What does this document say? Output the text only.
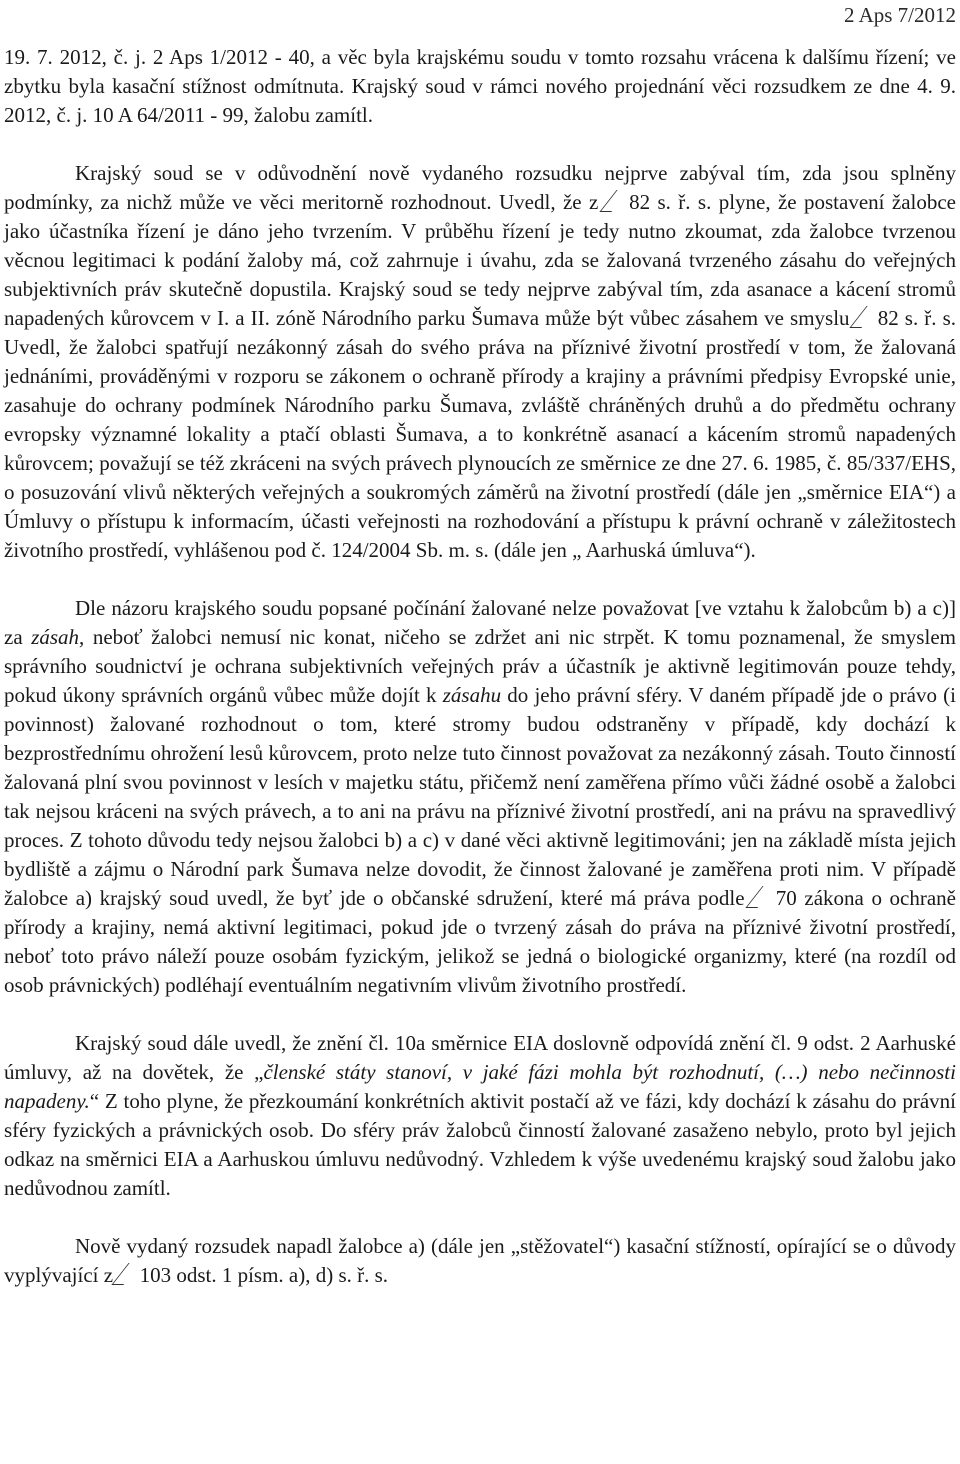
2 Aps 7/2012

19. 7. 2012, č. j. 2 Aps 1/2012 - 40, a věc byla krajskému soudu v tomto rozsahu vrácena k dalšímu řízení; ve zbytku byla kasační stížnost odmítnuta. Krajský soud v rámci nového projednání věci rozsudkem ze dne 4. 9. 2012, č. j. 10 A 64/2011 - 99, žalobu zamítl.

Krajský soud se v odůvodnění nově vydaného rozsudku nejprve zabýval tím, zda jsou splněny podmínky, za nichž může ve věci meritorně rozhodnout. Uvedl, že z  82 s. ř. s. plyne, že postavení žalobce jako účastníka řízení je dáno jeho tvrzením. V průběhu řízení je tedy nutno zkoumat, zda žalobce tvrzenou věcnou legitimaci k podání žaloby má, což zahrnuje i úvahu, zda se žalovaná tvrzeného zásahu do veřejných subjektivních práv skutečně dopustila. Krajský soud se tedy nejprve zabýval tím, zda asanace a kácení stromů napadených kůrovcem v I. a II. zóně Národního parku Šumava může být vůbec zásahem ve smyslu  82 s. ř. s. Uvedl, že žalobci spatřují nezákonný zásah do svého práva na příznivé životní prostředí v tom, že žalovaná jednáními, prováděnými v rozporu se zákonem o ochraně přírody a krajiny a právními předpisy Evropské unie, zasahuje do ochrany podmínek Národního parku Šumava, zvláště chráněných druhů a do předmětu ochrany evropsky významné lokality a ptačí oblasti Šumava, a to konkrétně asanací a kácením stromů napadených kůrovcem; považují se též zkráceni na svých právech plynoucích ze směrnice ze dne 27. 6. 1985, č. 85/337/EHS, o posuzování vlivů některých veřejných a soukromých záměrů na životní prostředí (dále jen „směrnice EIA“) a Úmluvy o přístupu k informacím, účasti veřejnosti na rozhodování a přístupu k právní ochraně v záležitostech životního prostředí, vyhlášenou pod č. 124/2004 Sb. m. s. (dále jen „ Aarhuská úmluva“).

Dle názoru krajského soudu popsané počínání žalované nelze považovat [ve vztahu k žalobcům b) a c)] za zásah, neboť žalobci nemusí nic konat, ničeho se zdržet ani nic strpět. K tomu poznamenal, že smyslem správního soudnictví je ochrana subjektivních veřejných práv a účastník je aktivně legitimován pouze tehdy, pokud úkony správních orgánů vůbec může dojít k zásahu do jeho právní sféry. V daném případě jde o právo (i povinnost) žalované rozhodnout o tom, které stromy budou odstraněny v případě, kdy dochází k bezprostřednímu ohrožení lesů kůrovcem, proto nelze tuto činnost považovat za nezákonný zásah. Touto činností žalovaná plní svou povinnost v lesích v majetku státu, přičemž není zaměřena přímo vůči žádné osobě a žalobci tak nejsou kráceni na svých právech, a to ani na právu na příznivé životní prostředí, ani na právu na spravedlivý proces. Z tohoto důvodu tedy nejsou žalobci b) a c) v dané věci aktivně legitimováni; jen na základě místa jejich bydliště a zájmu o Národní park Šumava nelze dovodit, že činnost žalované je zaměřena proti nim. V případě žalobce a) krajský soud uvedl, že byť jde o občanské sdružení, které má práva podle  70 zákona o ochraně přírody a krajiny, nemá aktivní legitimaci, pokud jde o tvrzený zásah do práva na příznivé životní prostředí, neboť toto právo náleží pouze osobám fyzickým, jelikož se jedná o biologické organizmy, které (na rozdíl od osob právnických) podléhají eventuálním negativním vlivům životního prostředí.

Krajský soud dále uvedl, že znění čl. 10a směrnice EIA doslovně odpovídá znění čl. 9 odst. 2 Aarhuské úmluvy, až na dovětek, že „členské státy stanoví, v jaké fázi mohla být rozhodnutí, (…) nebo nečinnosti napadeny.“ Z toho plyne, že přezkoumání konkrétních aktivit postačí až ve fázi, kdy dochází k zásahu do právní sféry fyzických a právnických osob. Do sféry práv žalobců činností žalované zasaženo nebylo, proto byl jejich odkaz na směrnici EIA a Aarhuskou úmluvu nedůvodný. Vzhledem k výše uvedenému krajský soud žalobu jako nedůvodnou zamítl.

Nově vydaný rozsudek napadl žalobce a) (dále jen „stěžovatel“) kasační stížností, opírající se o důvody vyplývající z  103 odst. 1 písm. a), d) s. ř. s.
